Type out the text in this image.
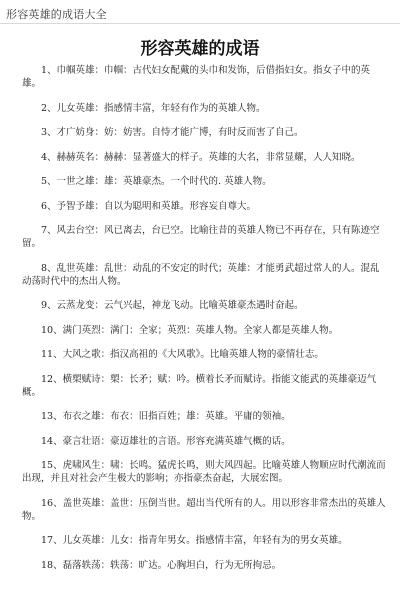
形容英雄的成语大全
形容英雄的成语

1、巾帼英雄：巾帼：古代妇女配戴的头巾和发饰，后借指妇女。指女子中的英雄。

2、儿女英雄：指感情丰富，年轻有作为的英雄人物。

3、才广妨身：妨：妨害。自恃才能广博，有时反而害了自己。

4、赫赫英名：赫赫：显著盛大的样子。英雄的大名，非常显耀，人人知晓。

5、一世之雄：雄：英雄豪杰。一个时代的. 英雄人物。

6、予智予雄：自以为聪明和英雄。形容妄自尊大。

7、风去台空：风已离去，台已空。比喻往昔的英雄人物已不再存在，只有陈迹空留。

8、乱世英雄：乱世：动乱的不安定的时代；英雄：才能勇武超过常人的人。混乱动荡时代中的杰出人物。

9、云蒸龙变：云气兴起，神龙飞动。比喻英雄豪杰遇时奋起。

10、满门英烈：满门：全家；英烈：英雄人物。全家人都是英雄人物。

11、大风之歌：指汉高祖的《大风歌》。比喻英雄人物的豪情壮志。

12、横槊赋诗：槊：长矛；赋：吟。横着长矛而赋诗。指能文能武的英雄豪迈气概。

13、布衣之雄：布衣：旧指百姓；雄：英雄。平庸的领袖。

14、豪言壮语：豪迈雄壮的言语。形容充满英雄气概的话。

15、虎啸风生：啸：长鸣。猛虎长鸣，则大风四起。比喻英雄人物顺应时代潮流而出现，并且对社会产生极大的影响；亦指豪杰奋起，大展宏图。

16、盖世英雄：盖世：压倒当世。超出当代所有的人。用以形容非常杰出的英雄人物。

17、儿女英雄：儿女：指青年男女。指感情丰富，年轻有为的男女英雄。

18、磊落轶荡：轶荡：旷达。心胸坦白，行为无所拘忌。
